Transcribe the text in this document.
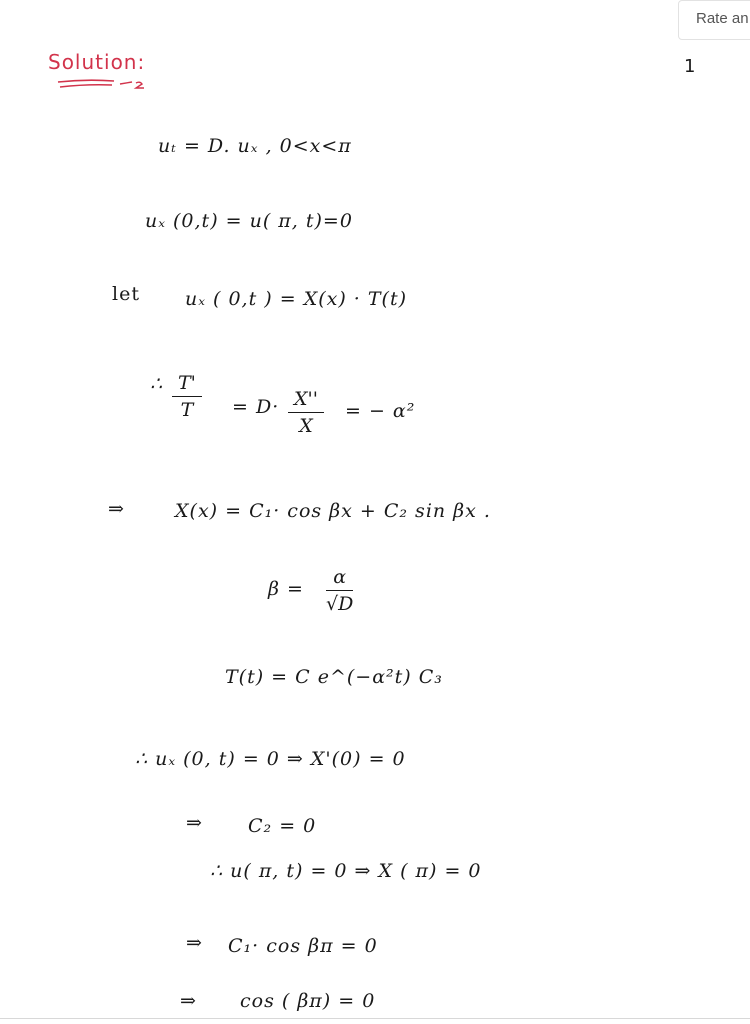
Rate an
1
Solution:
uₜ = D. uₓ , 0<x<π
uₓ (0,t) = u( π, t)=0
let uₓ ( 0,t ) = X(x) · T(t)
∴ T'
T	= D· X''
X
= − α²
⇒	X(x) = C₁· cos βx + C₂ sin βx .
β =
α
√D
T(t) = C e^(−α²t) C₃
∴ uₓ (0, t) = 0 ⇒ X'(0) = 0
⇒ C₂ = 0
∴ u( π, t) = 0 ⇒ X ( π) = 0
⇒ C₁· cos βπ = 0
⇒ cos ( βπ) = 0
